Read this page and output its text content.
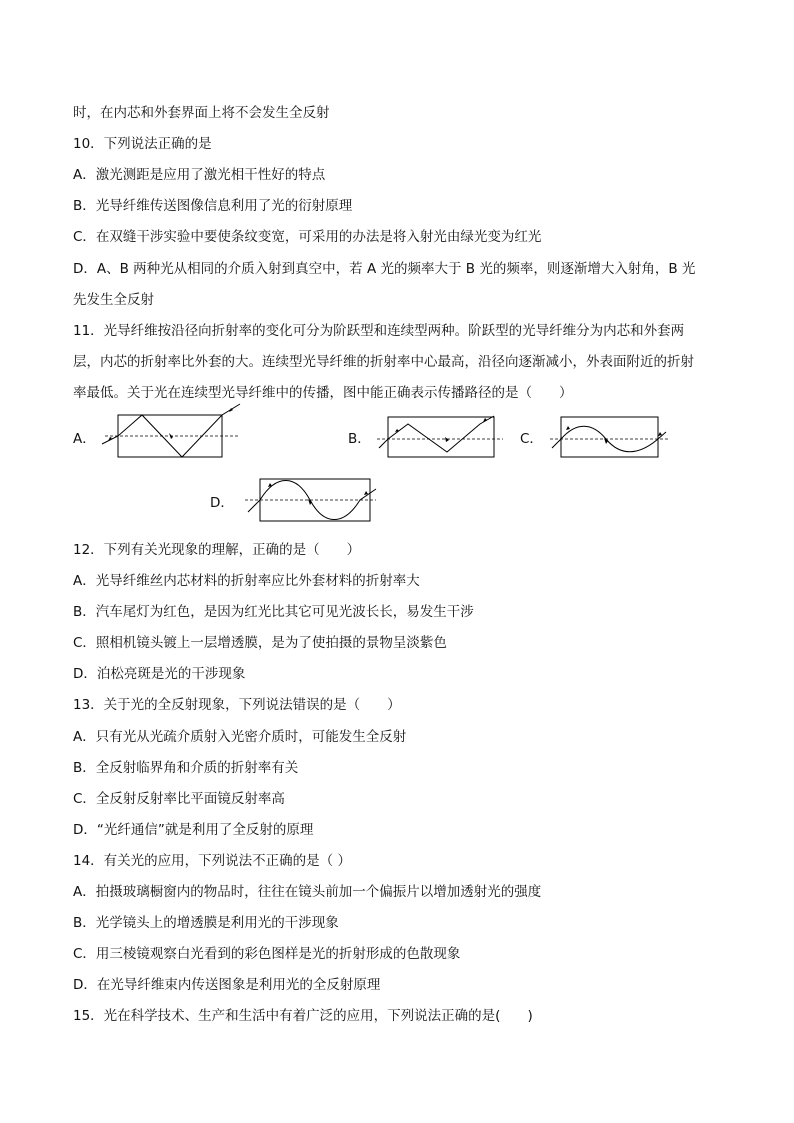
时，在内芯和外套界面上将不会发生全反射
10．下列说法正确的是
A．激光测距是应用了激光相干性好的特点
B．光导纤维传送图像信息利用了光的衍射原理
C．在双缝干涉实验中要使条纹变宽，可采用的办法是将入射光由绿光变为红光
D．A、B 两种光从相同的介质入射到真空中，若 A 光的频率大于 B 光的频率，则逐渐增大入射角，B 光
先发生全反射
11．光导纤维按沿径向折射率的变化可分为阶跃型和连续型两种。阶跃型的光导纤维分为内芯和外套两
层，内芯的折射率比外套的大。连续型光导纤维的折射率中心最高，沿径向逐渐减小，外表面附近的折射
率最低。关于光在连续型光导纤维中的传播，图中能正确表示传播路径的是（　　）
A．	B．	C．
D．
12．下列有关光现象的理解，正确的是（　　）
A．光导纤维丝内芯材料的折射率应比外套材料的折射率大
B．汽车尾灯为红色，是因为红光比其它可见光波长长，易发生干涉
C．照相机镜头镀上一层增透膜，是为了使拍摄的景物呈淡紫色
D．泊松亮斑是光的干涉现象
13．关于光的全反射现象，下列说法错误的是（　　）
A．只有光从光疏介质射入光密介质时，可能发生全反射
B．全反射临界角和介质的折射率有关
C．全反射反射率比平面镜反射率高
D．“光纤通信”就是利用了全反射的原理
14．有关光的应用，下列说法不正确的是（ ）
A．拍摄玻璃橱窗内的物品时，往往在镜头前加一个偏振片以增加透射光的强度
B．光学镜头上的增透膜是利用光的干涉现象
C．用三棱镜观察白光看到的彩色图样是光的折射形成的色散现象
D．在光导纤维束内传送图象是利用光的全反射原理
15．光在科学技术、生产和生活中有着广泛的应用，下列说法正确的是(　　)
